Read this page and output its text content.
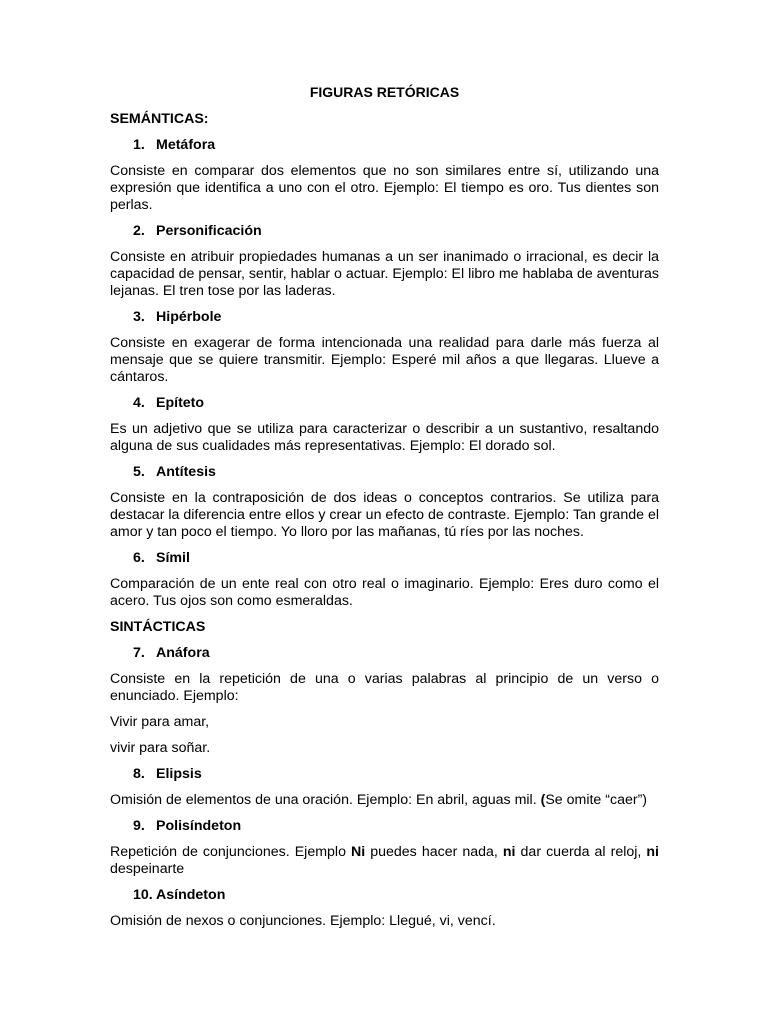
FIGURAS RETÓRICAS
SEMÁNTICAS:
1. Metáfora
Consiste en comparar dos elementos que no son similares entre sí, utilizando una expresión que identifica a uno con el otro. Ejemplo: El tiempo es oro. Tus dientes son perlas.
2. Personificación
Consiste en atribuir propiedades humanas a un ser inanimado o irracional, es decir la capacidad de pensar, sentir, hablar o actuar. Ejemplo: El libro me hablaba de aventuras lejanas. El tren tose por las laderas.
3. Hipérbole
Consiste en exagerar de forma intencionada una realidad para darle más fuerza al mensaje que se quiere transmitir. Ejemplo: Esperé mil años a que llegaras. Llueve a cántaros.
4. Epíteto
Es un adjetivo que se utiliza para caracterizar o describir a un sustantivo, resaltando alguna de sus cualidades más representativas. Ejemplo: El dorado sol.
5. Antítesis
Consiste en la contraposición de dos ideas o conceptos contrarios. Se utiliza para destacar la diferencia entre ellos y crear un efecto de contraste. Ejemplo: Tan grande el amor y tan poco el tiempo. Yo lloro por las mañanas, tú ríes por las noches.
6. Símil
Comparación de un ente real con otro real o imaginario. Ejemplo: Eres duro como el acero. Tus ojos son como esmeraldas.
SINTÁCTICAS
7. Anáfora
Consiste en la repetición de una o varias palabras al principio de un verso o enunciado. Ejemplo:
Vivir para amar,
vivir para soñar.
8. Elipsis
Omisión de elementos de una oración. Ejemplo: En abril, aguas mil. (Se omite “caer”)
9. Polisíndeton
Repetición de conjunciones. Ejemplo Ni puedes hacer nada, ni dar cuerda al reloj, ni despeinarte
10. Asíndeton
Omisión de nexos o conjunciones. Ejemplo: Llegué, vi, vencí.
